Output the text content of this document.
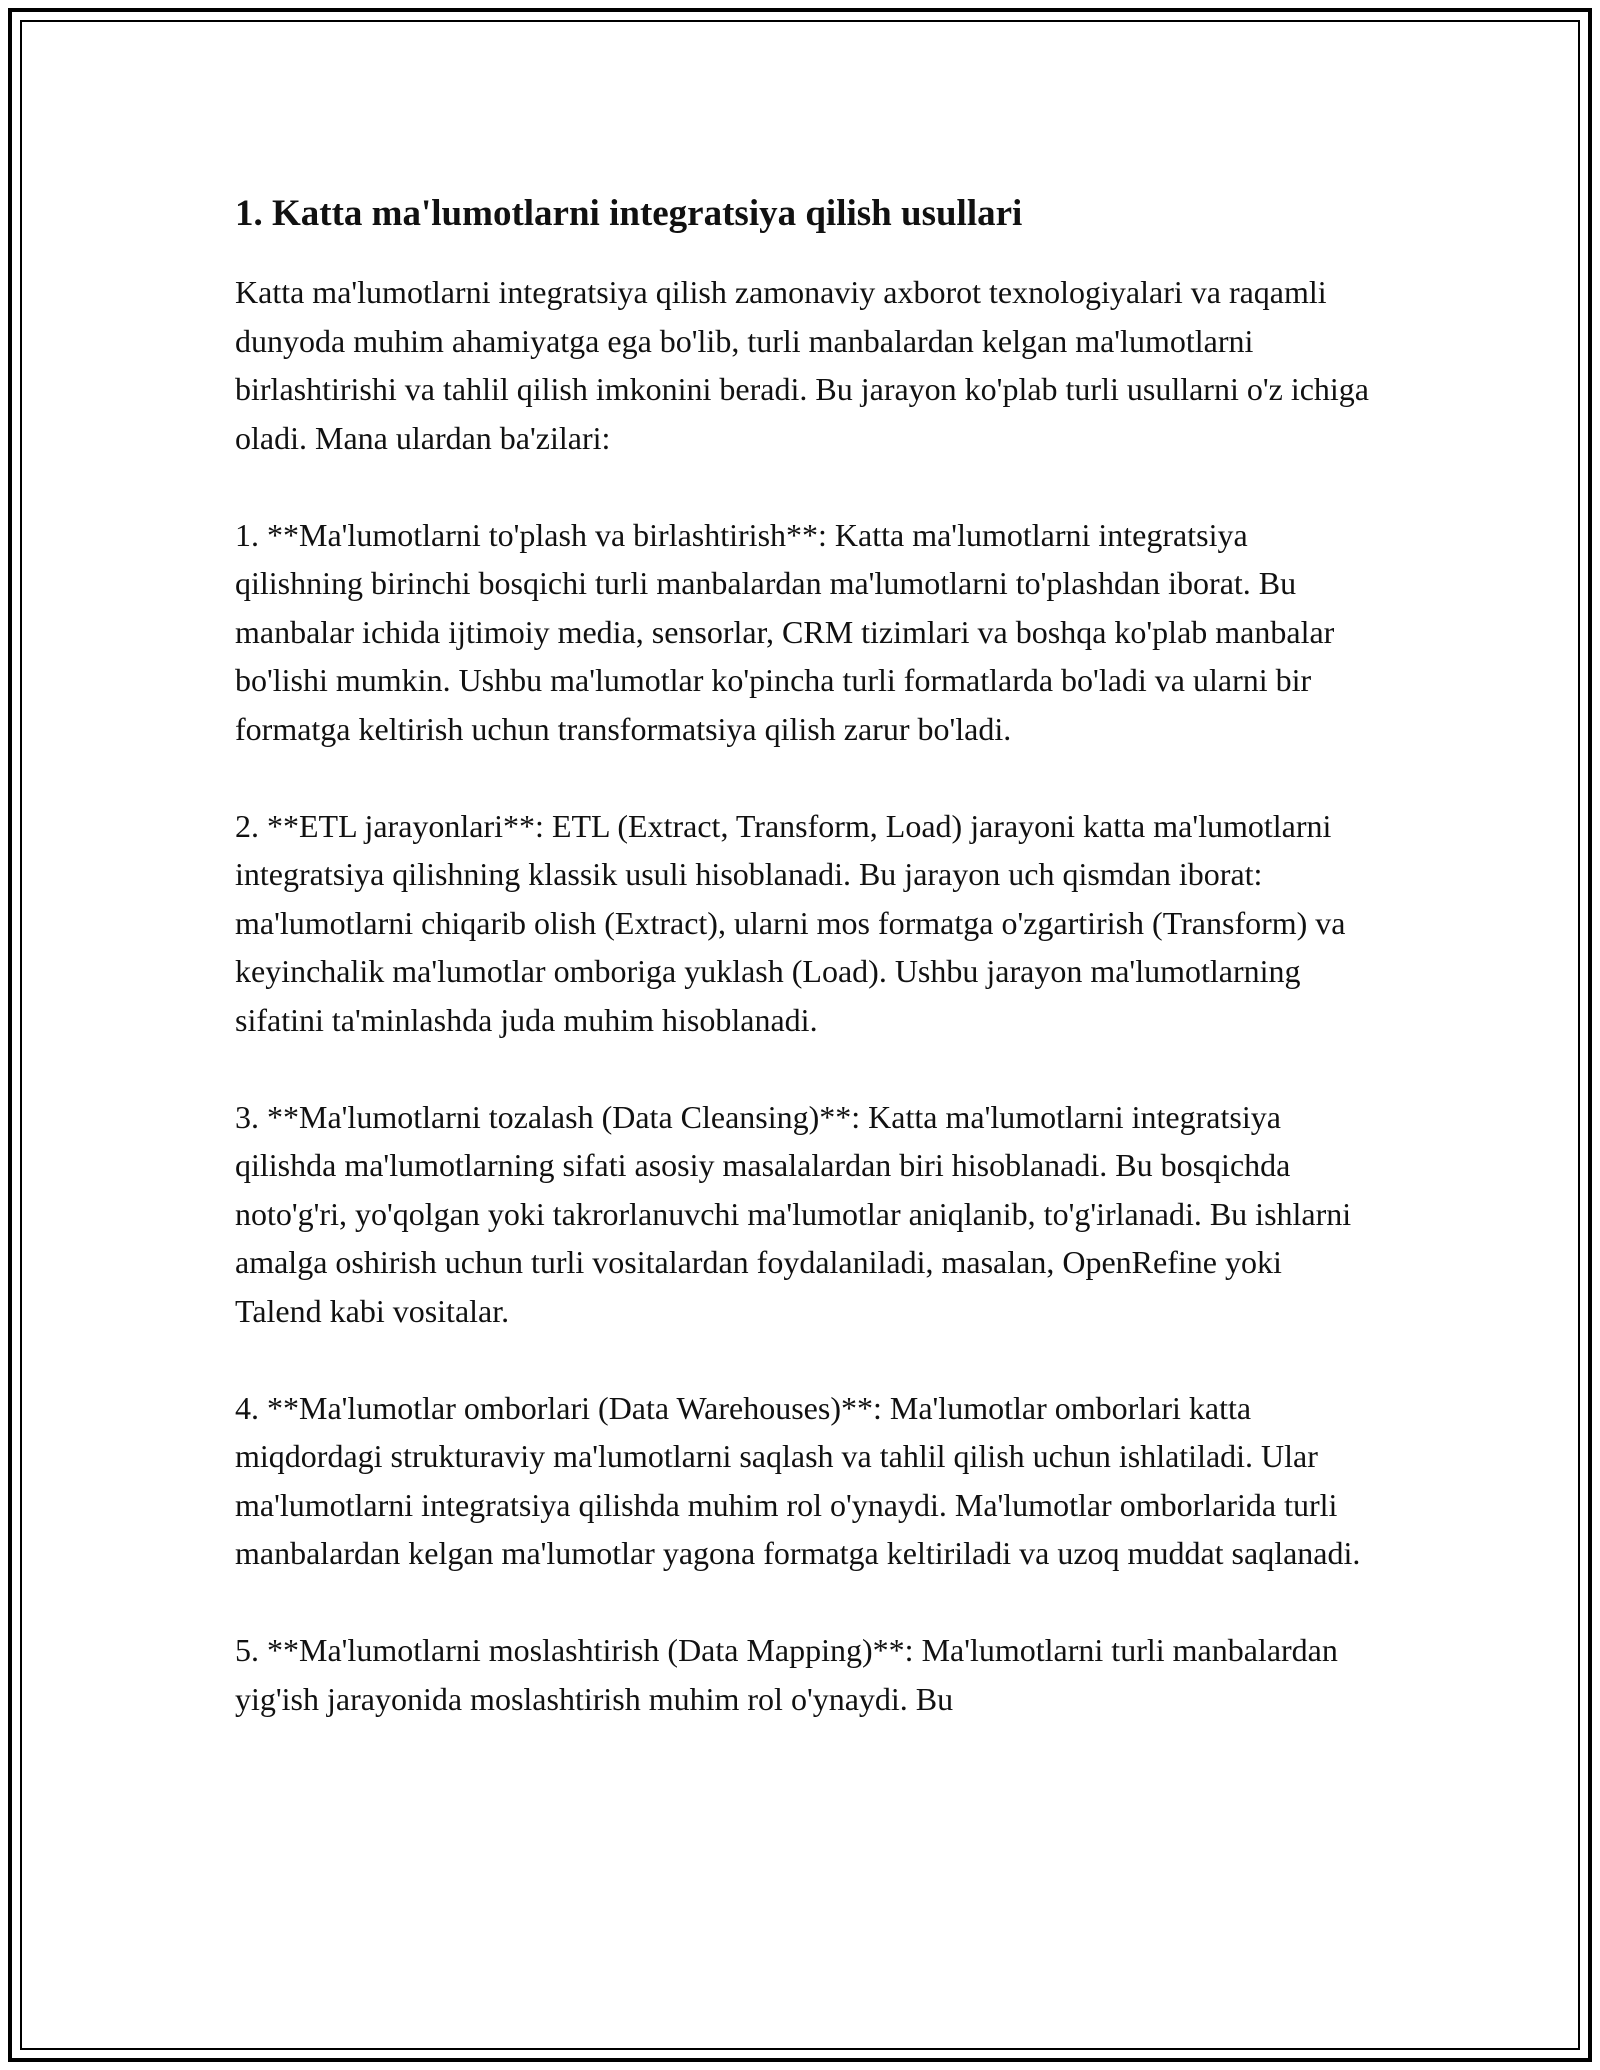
1. Katta ma'lumotlarni integratsiya qilish usullari

Katta ma'lumotlarni integratsiya qilish zamonaviy axborot texnologiyalari va raqamli dunyoda muhim ahamiyatga ega bo'lib, turli manbalardan kelgan ma'lumotlarni birlashtirishi va tahlil qilish imkonini beradi. Bu jarayon ko'plab turli usullarni o'z ichiga oladi. Mana ulardan ba'zilari:

1. **Ma'lumotlarni to'plash va birlashtirish**: Katta ma'lumotlarni integratsiya qilishning birinchi bosqichi turli manbalardan ma'lumotlarni to'plashdan iborat. Bu manbalar ichida ijtimoiy media, sensorlar, CRM tizimlari va boshqa ko'plab manbalar bo'lishi mumkin. Ushbu ma'lumotlar ko'pincha turli formatlarda bo'ladi va ularni bir formatga keltirish uchun transformatsiya qilish zarur bo'ladi.

2. **ETL jarayonlari**: ETL (Extract, Transform, Load) jarayoni katta ma'lumotlarni integratsiya qilishning klassik usuli hisoblanadi. Bu jarayon uch qismdan iborat: ma'lumotlarni chiqarib olish (Extract), ularni mos formatga o'zgartirish (Transform) va keyinchalik ma'lumotlar omboriga yuklash (Load). Ushbu jarayon ma'lumotlarning sifatini ta'minlashda juda muhim hisoblanadi.

3. **Ma'lumotlarni tozalash (Data Cleansing)**: Katta ma'lumotlarni integratsiya qilishda ma'lumotlarning sifati asosiy masalalardan biri hisoblanadi. Bu bosqichda noto'g'ri, yo'qolgan yoki takrorlanuvchi ma'lumotlar aniqlanib, to'g'irlanadi. Bu ishlarni amalga oshirish uchun turli vositalardan foydalaniladi, masalan, OpenRefine yoki Talend kabi vositalar.

4. **Ma'lumotlar omborlari (Data Warehouses)**: Ma'lumotlar omborlari katta miqdordagi strukturaviy ma'lumotlarni saqlash va tahlil qilish uchun ishlatiladi. Ular ma'lumotlarni integratsiya qilishda muhim rol o'ynaydi. Ma'lumotlar omborlarida turli manbalardan kelgan ma'lumotlar yagona formatga keltiriladi va uzoq muddat saqlanadi.

5. **Ma'lumotlarni moslashtirish (Data Mapping)**: Ma'lumotlarni turli manbalardan yig'ish jarayonida moslashtirish muhim rol o'ynaydi. Bu
